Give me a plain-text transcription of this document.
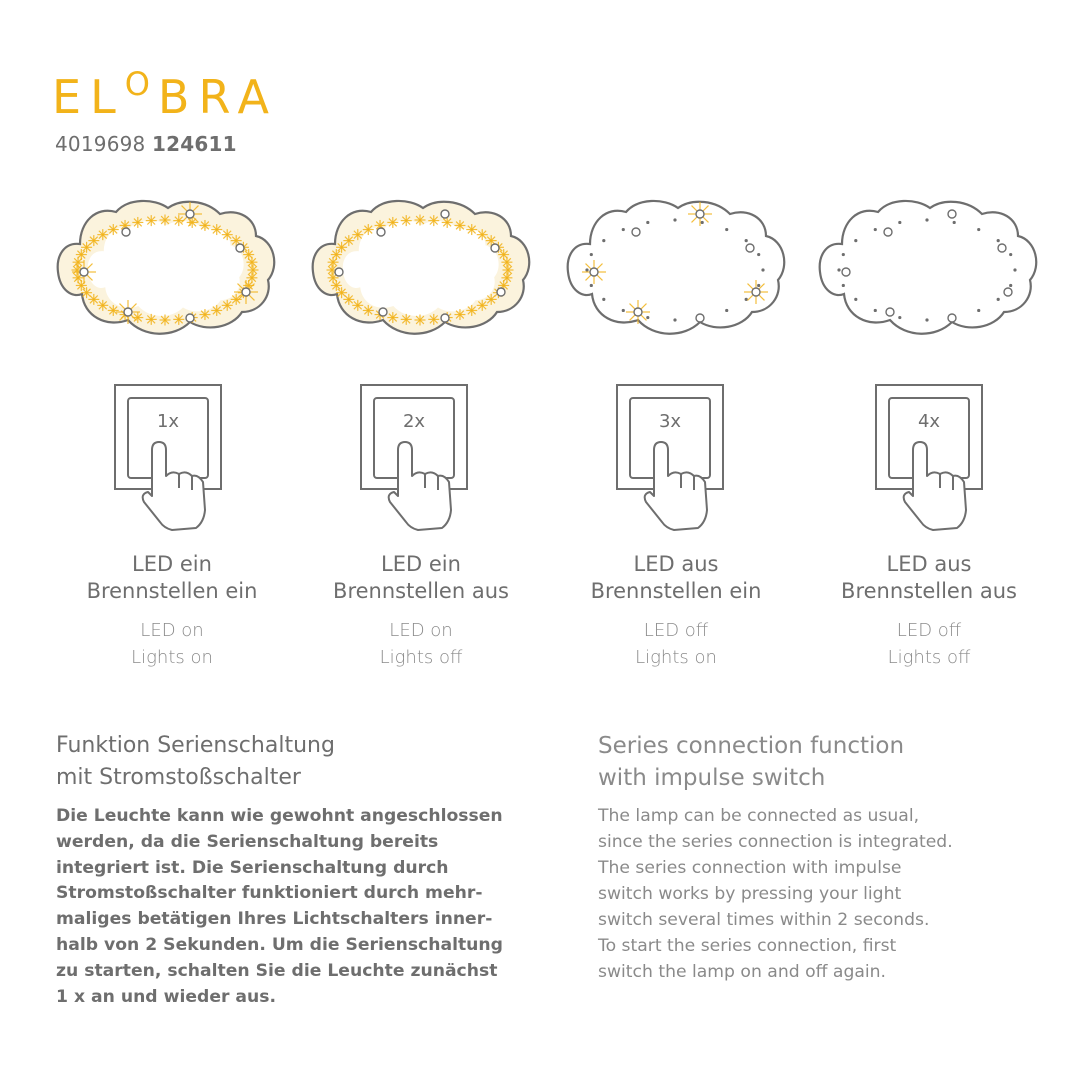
ELOBRA
4019698 124611
1x	2x	3x	4x
LED ein
Brennstellen ein
LED ein
Brennstellen aus
LED aus
Brennstellen ein
LED aus
Brennstellen aus
LED on
Lights on
LED on
Lights off
LED off
Lights on
LED off
Lights off
Funktion Serienschaltung
mit Stromstoßschalter
Die Leuchte kann wie gewohnt angeschlossen
werden, da die Serienschaltung bereits
integriert ist. Die Serienschaltung durch
Stromstoßschalter funktioniert durch mehr-
maliges betätigen Ihres Lichtschalters inner-
halb von 2 Sekunden. Um die Serienschaltung
zu starten, schalten Sie die Leuchte zunächst
1 x an und wieder aus.
Series connection function
with impulse switch
The lamp can be connected as usual,
since the series connection is integrated.
The series connection with impulse
switch works by pressing your light
switch several times within 2 seconds.
To start the series connection, first
switch the lamp on and off again.
